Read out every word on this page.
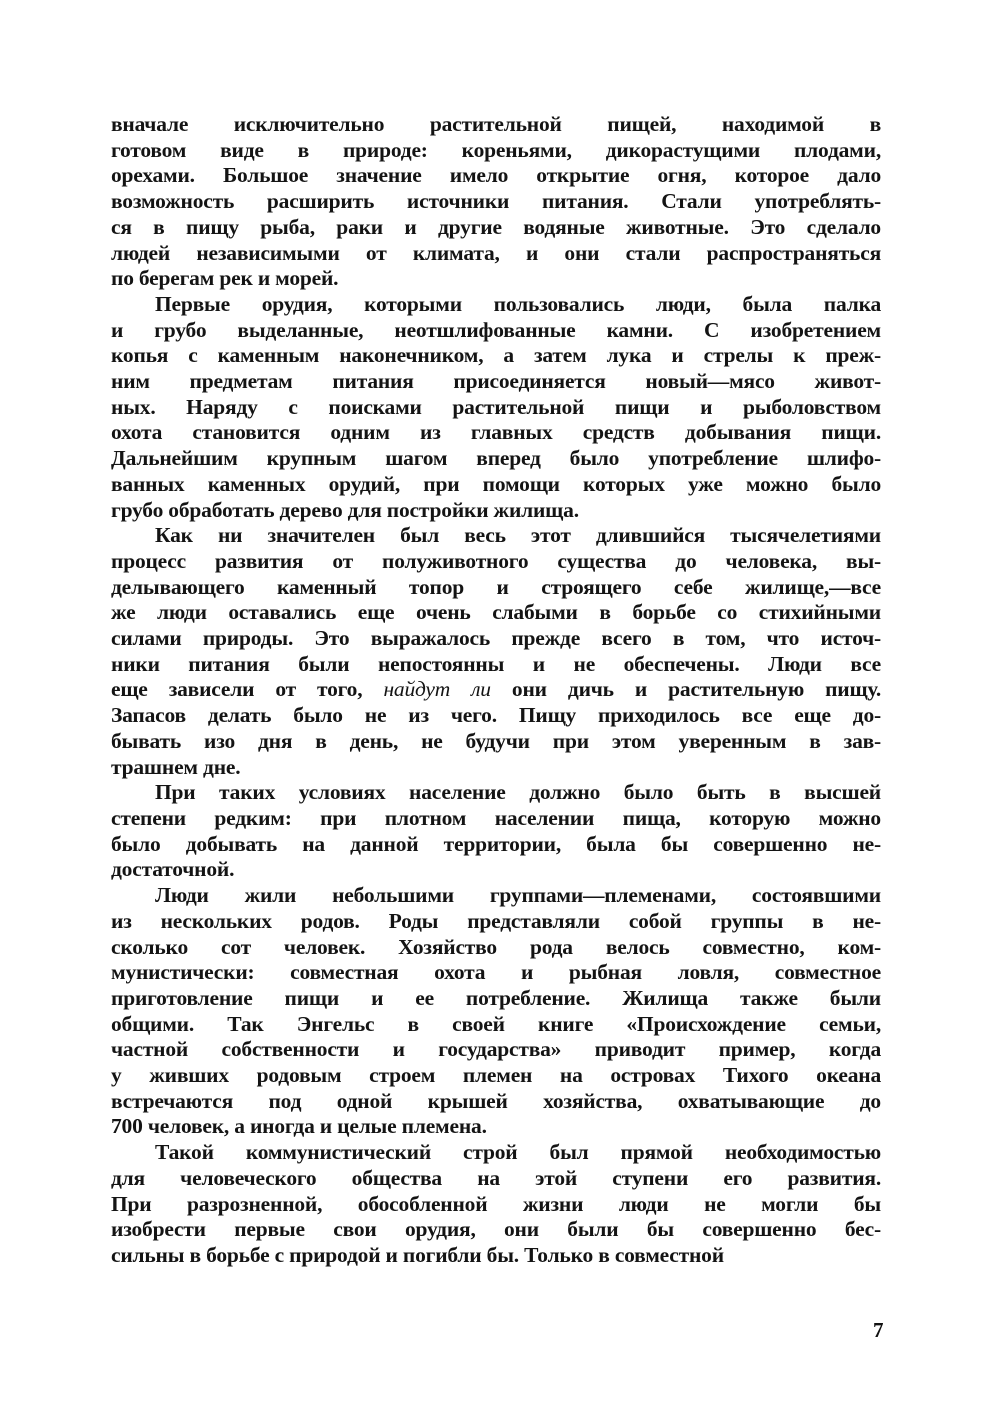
вначале исключительно растительной пищей, находимой в
готовом виде в природе: кореньями, дикорастущими плодами,
орехами. Большое значение имело открытие огня, которое дало
возможность расширить источники питания. Стали употреблять-
ся в пищу рыба, раки и другие водяные животные. Это сделало
людей независимыми от климата, и они стали распространяться
по берегам рек и морей.
Первые орудия, которыми пользовались люди, была палка
и грубо выделанные, неотшлифованные камни. С изобретением
копья с каменным наконечником, а затем лука и стрелы к преж-
ним предметам питания присоединяется новый—мясо живот-
ных. Наряду с поисками растительной пищи и рыболовством
охота становится одним из главных средств добывания пищи.
Дальнейшим крупным шагом вперед было употребление шлифо-
ванных каменных орудий, при помощи которых уже можно было
грубо обработать дерево для постройки жилища.
Как ни значителен был весь этот длившийся тысячелетиями
процесс развития от полуживотного существа до человека, вы-
делывающего каменный топор и строящего себе жилище,—все
же люди оставались еще очень слабыми в борьбе со стихийными
силами природы. Это выражалось прежде всего в том, что источ-
ники питания были непостоянны и не обеспечены. Люди все
еще зависели от того, найдут ли они дичь и растительную пищу.
Запасов делать было не из чего. Пищу приходилось все еще до-
бывать изо дня в день, не будучи при этом уверенным в зав-
трашнем дне.
При таких условиях население должно было быть в высшей
степени редким: при плотном населении пища, которую можно
было добывать на данной территории, была бы совершенно не-
достаточной.
Люди жили небольшими группами—племенами, состоявшими
из нескольких родов. Роды представляли собой группы в не-
сколько сот человек. Хозяйство рода велось совместно, ком-
мунистически: совместная охота и рыбная ловля, совместное
приготовление пищи и ее потребление. Жилища также были
общими. Так Энгельс в своей книге «Происхождение семьи,
частной собственности и государства» приводит пример, когда
у живших родовым строем племен на островах Тихого океана
встречаются под одной крышей хозяйства, охватывающие до
700 человек, а иногда и целые племена.
Такой коммунистический строй был прямой необходимостью
для человеческого общества на этой ступени его развития.
При разрозненной, обособленной жизни люди не могли бы
изобрести первые свои орудия, они были бы совершенно бес-
сильны в борьбе с природой и погибли бы. Только в совместной
7
